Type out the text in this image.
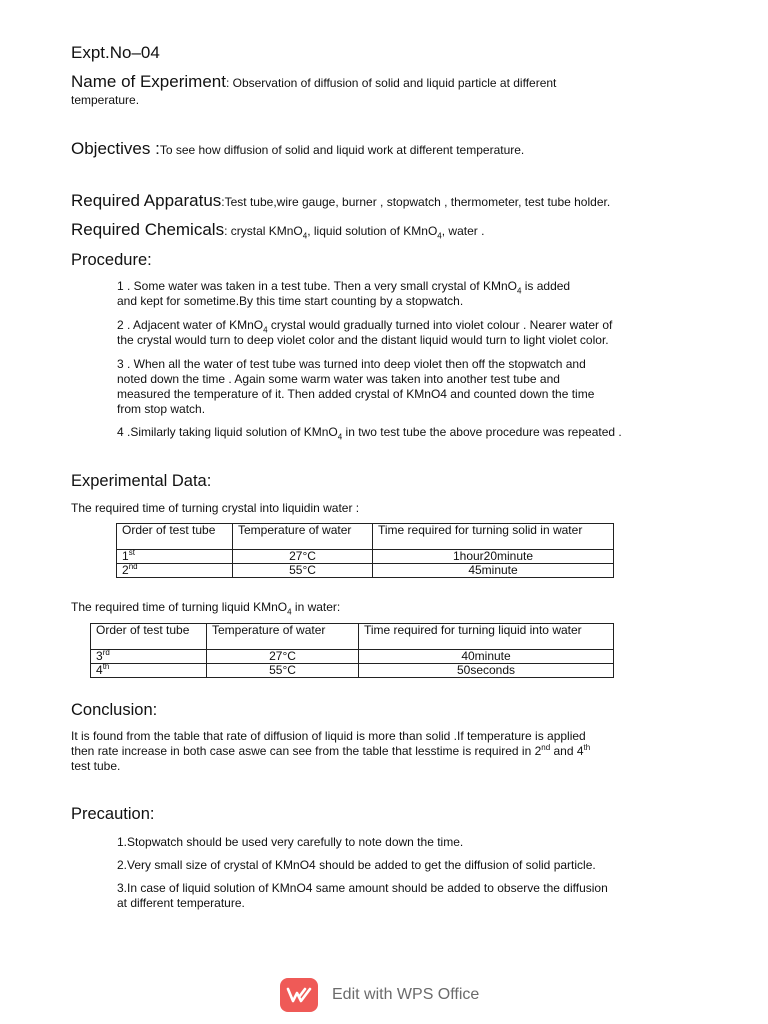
Expt.No–04
Name of Experiment: Observation of diffusion of solid and liquid particle at different
temperature.
Objectives :To see how diffusion of solid and liquid work at different temperature.
Required Apparatus:Test tube,wire gauge, burner , stopwatch , thermometer, test tube holder.
Required Chemicals: crystal KMnO$_4$, liquid solution of KMnO$_4$, water .
Procedure:
1 . Some water was taken in a test tube. Then a very small crystal of KMnO$_4$ is added
and kept for sometime.By this time start counting by a stopwatch.
2 . Adjacent water of KMnO$_4$ crystal would gradually turned into violet colour . Nearer water of
the crystal would turn to deep violet color and the distant liquid would turn to light violet color.
3 . When all the water of test tube was turned into deep violet then off the stopwatch and
noted down the time . Again some warm water was taken into another test tube and
measured the temperature of it. Then added crystal of KMnO4 and counted down the time
from stop watch.
4 .Similarly taking liquid solution of KMnO$_4$ in two test tube the above procedure was repeated .
Experimental Data:
The required time of turning crystal into liquidin water :
Order of test tube	Temperature of water	Time required for turning solid in water
1st	27°C	1hour20minute
2nd	55°C	45minute
The required time of turning liquid KMnO$_4$ in water:
Order of test tube	Temperature of water	Time required for turning liquid into water
3rd	27°C	40minute
4th	55°C	50seconds
Conclusion:
It is found from the table that rate of diffusion of liquid is more than solid .If temperature is applied
then rate increase in both case aswe can see from the table that lesstime is required in 2nd and 4th
test tube.
Precaution:
1.Stopwatch should be used very carefully to note down the time.
2.Very small size of crystal of KMnO4 should be added to get the diffusion of solid particle.
3.In case of liquid solution of KMnO4 same amount should be added to observe the diffusion
at different temperature.
Edit with WPS Office
